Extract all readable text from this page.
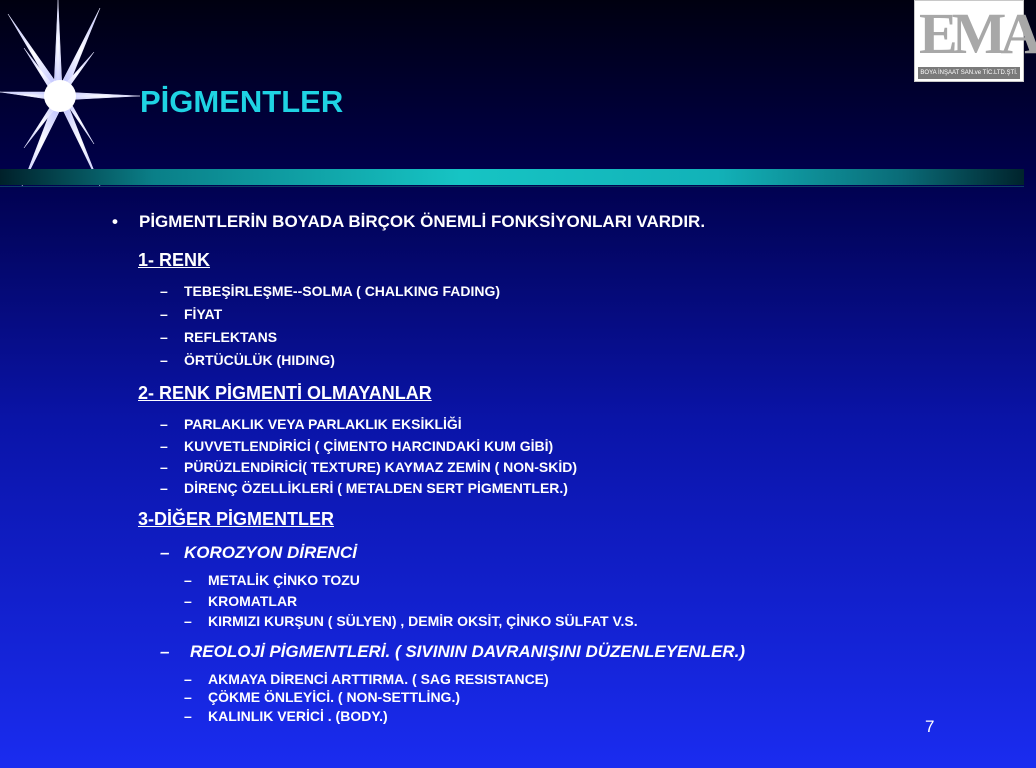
EMA
BOYA İNŞAAT SAN.ve TİC.LTD.ŞTİ.
PİGMENTLER
• PİGMENTLERİN BOYADA BİRÇOK ÖNEMLİ FONKSİYONLARI VARDIR.
1- RENK
– TEBEŞİRLEŞME--SOLMA ( CHALKING FADING)
– FİYAT
– REFLEKTANS
– ÖRTÜCÜLÜK (HIDING)
2- RENK PİGMENTİ OLMAYANLAR
– PARLAKLIK VEYA PARLAKLIK EKSİKLİĞİ
– KUVVETLENDİRİCİ ( ÇİMENTO HARCINDAKİ KUM GİBİ)
– PÜRÜZLENDİRİCİ( TEXTURE) KAYMAZ ZEMİN ( NON-SKİD)
– DİRENÇ ÖZELLİKLERİ ( METALDEN SERT PİGMENTLER.)
3-DİĞER PİGMENTLER
– KOROZYON DİRENCİ
– METALİK ÇİNKO TOZU
– KROMATLAR
– KIRMIZI KURŞUN ( SÜLYEN) , DEMİR OKSİT, ÇİNKO SÜLFAT V.S.
– REOLOJİ PİGMENTLERİ. ( SIVININ DAVRANIŞINI DÜZENLEYENLER.)
– AKMAYA DİRENCİ ARTTIRMA. ( SAG RESISTANCE)
– ÇÖKME ÖNLEYİCİ. ( NON-SETTLİNG.)
– KALINLIK VERİCİ . (BODY.)
7
